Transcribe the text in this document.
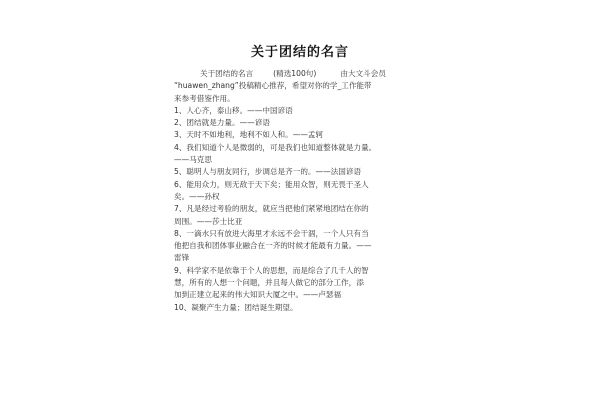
关于团结的名言
关于团结的名言	(精选100句)	由大文斗会员
“huawen_zhang”投稿精心推荐，希望对你的学_工作能带
来参考借鉴作用。
1、人心齐，泰山移。——中国谚语
2、团结就是力量。——谚语
3、天时不如地利，地利不如人和。——孟轲
4、我们知道个人是微弱的，可是我们也知道整体就是力量。
——马克思
5、聪明人与朋友同行，步调总是齐一的。——法国谚语
6、能用众力，则无敌于天下矣；能用众智，则无畏于圣人
矣。——孙权
7、凡是经过考验的朋友，就应当把他们紧紧地团结在你的
周围。——莎士比亚
8、一滴水只有放进大海里才永远不会干涸，一个人只有当
他把自我和团体事业融合在一齐的时候才能最有力量。——
雷锋
9、科学家不是依靠于个人的思想，而是综合了几千人的智
慧，所有的人想一个问题，并且每人做它的部分工作，添
加到正建立起来的伟大知识大厦之中。——卢瑟福
10、凝聚产生力量；团结诞生期望。
